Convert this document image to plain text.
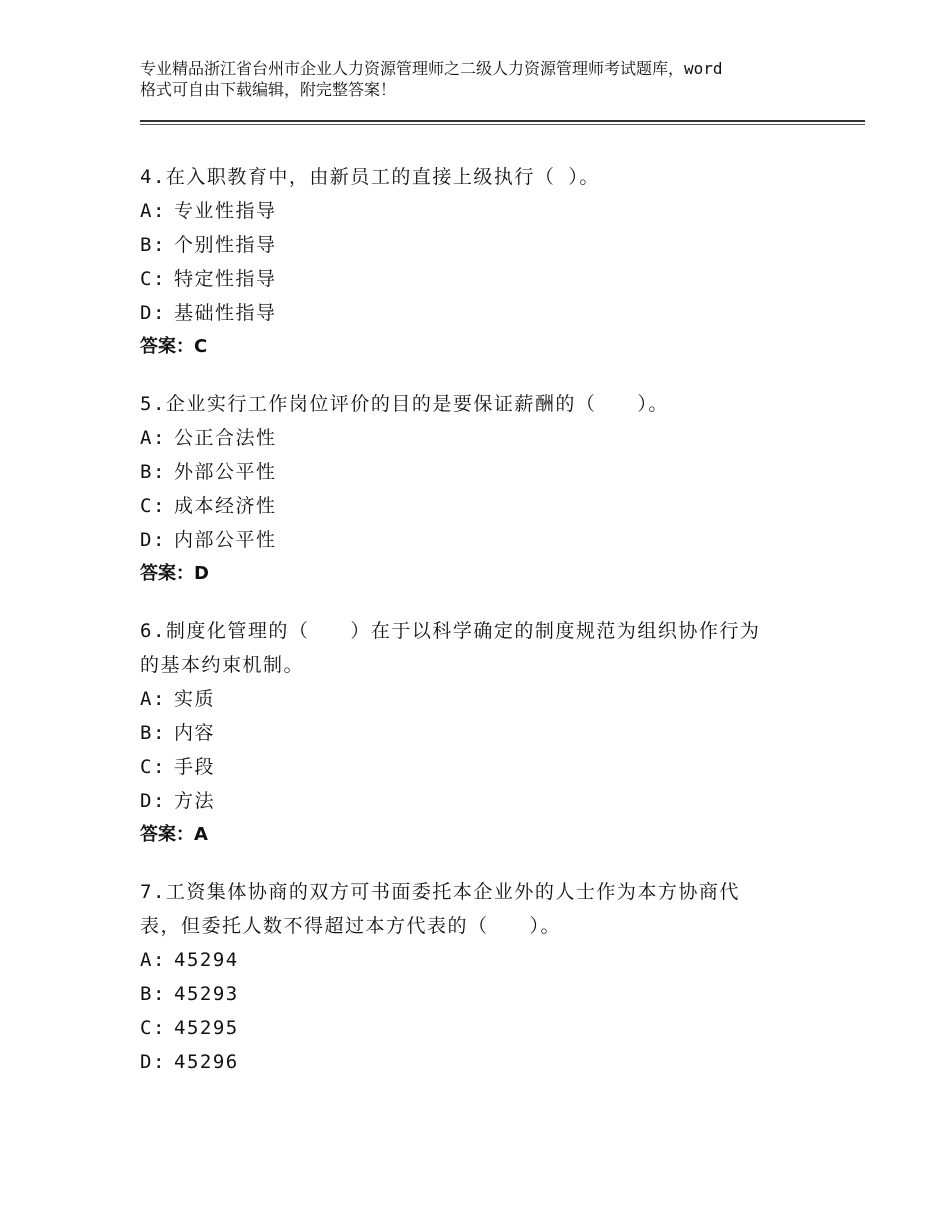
专业精品浙江省台州市企业人力资源管理师之二级人力资源管理师考试题库，word
格式可自由下载编辑，附完整答案！
4.在入职教育中，由新员工的直接上级执行（ ）。
A: 专业性指导
B: 个别性指导
C: 特定性指导
D: 基础性指导
答案：C
5.企业实行工作岗位评价的目的是要保证薪酬的（　　）。
A: 公正合法性
B: 外部公平性
C: 成本经济性
D: 内部公平性
答案：D
6.制度化管理的（　　）在于以科学确定的制度规范为组织协作行为
的基本约束机制。
A: 实质
B: 内容
C: 手段
D: 方法
答案：A
7.工资集体协商的双方可书面委托本企业外的人士作为本方协商代
表，但委托人数不得超过本方代表的（　　）。
A: 45294
B: 45293
C: 45295
D: 45296
